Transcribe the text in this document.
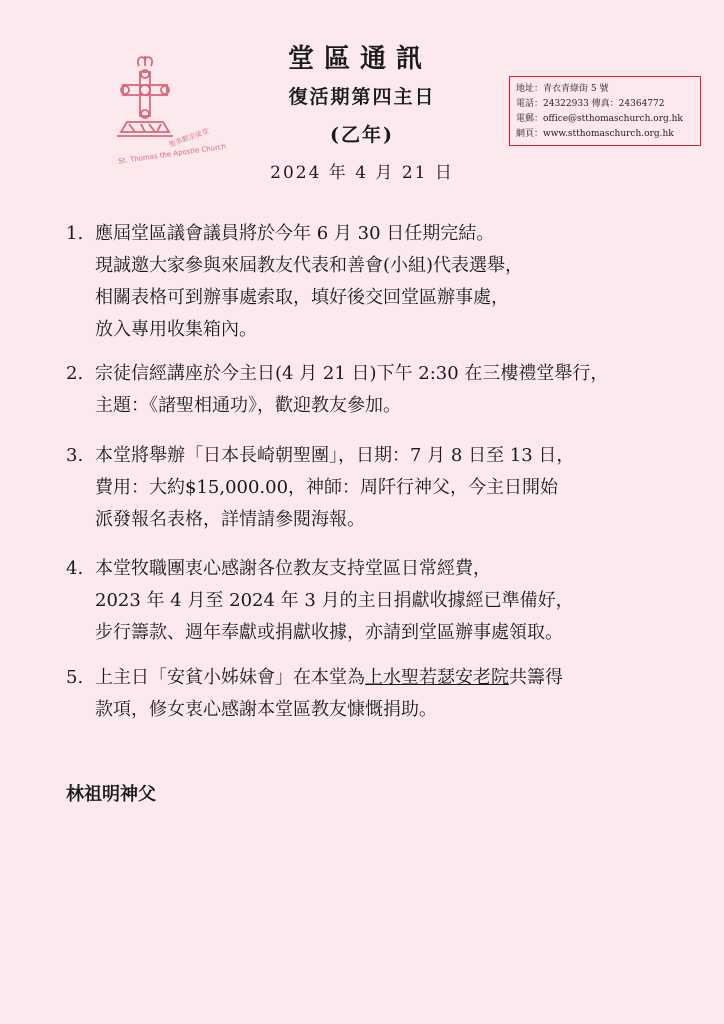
聖多默宗徒堂
St. Thomas the Apostle Church
堂區通訊
復活期第四主日
(乙年)
2024 年 4 月 21 日
地址：青衣青綠街 5 號
電話：24322933 傳真：24364772
電郵：office@stthomaschurch.org.hk
網頁：www.stthomaschurch.org.hk
1. 應屆堂區議會議員將於今年 6 月 30 日任期完結。
現誠邀大家參與來屆教友代表和善會(小組)代表選舉，
相關表格可到辦事處索取，填好後交回堂區辦事處，
放入專用收集箱內。
2. 宗徒信經講座於今主日(4 月 21 日)下午 2:30 在三樓禮堂舉行，
主題：《諸聖相通功》，歡迎教友參加。
3. 本堂將舉辦「日本長崎朝聖團」，日期：7 月 8 日至 13 日，
費用：大約$15,000.00，神師：周阡行神父，今主日開始
派發報名表格，詳情請參閱海報。
4. 本堂牧職團衷心感謝各位教友支持堂區日常經費，
2023 年 4 月至 2024 年 3 月的主日捐獻收據經已準備好，
步行籌款、週年奉獻或捐獻收據，亦請到堂區辦事處領取。
5. 上主日「安貧小姊妹會」在本堂為上水聖若瑟安老院共籌得
款項，修女衷心感謝本堂區教友慷慨捐助。
林祖明神父
